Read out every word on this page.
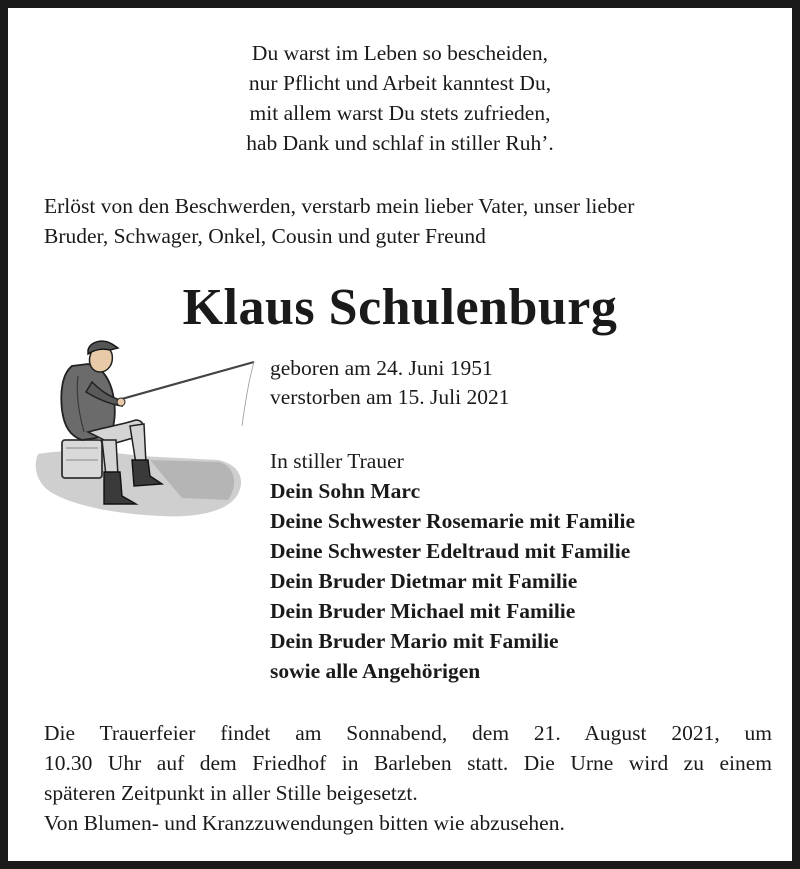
Du warst im Leben so bescheiden,
nur Pflicht und Arbeit kanntest Du,
mit allem warst Du stets zufrieden,
hab Dank und schlaf in stiller Ruh’.
Erlöst von den Beschwerden, verstarb mein lieber Vater, unser lieber
Bruder, Schwager, Onkel, Cousin und guter Freund
Klaus Schulenburg
geboren am 24. Juni 1951
verstorben am 15. Juli 2021
In stiller Trauer
Dein Sohn Marc
Deine Schwester Rosemarie mit Familie
Deine Schwester Edeltraud mit Familie
Dein Bruder Dietmar mit Familie
Dein Bruder Michael mit Familie
Dein Bruder Mario mit Familie
sowie alle Angehörigen
Die Trauerfeier findet am Sonnabend, dem 21. August 2021, um
10.30 Uhr auf dem Friedhof in Barleben statt. Die Urne wird zu einem
späteren Zeitpunkt in aller Stille beigesetzt.
Von Blumen- und Kranzzuwendungen bitten wie abzusehen.
